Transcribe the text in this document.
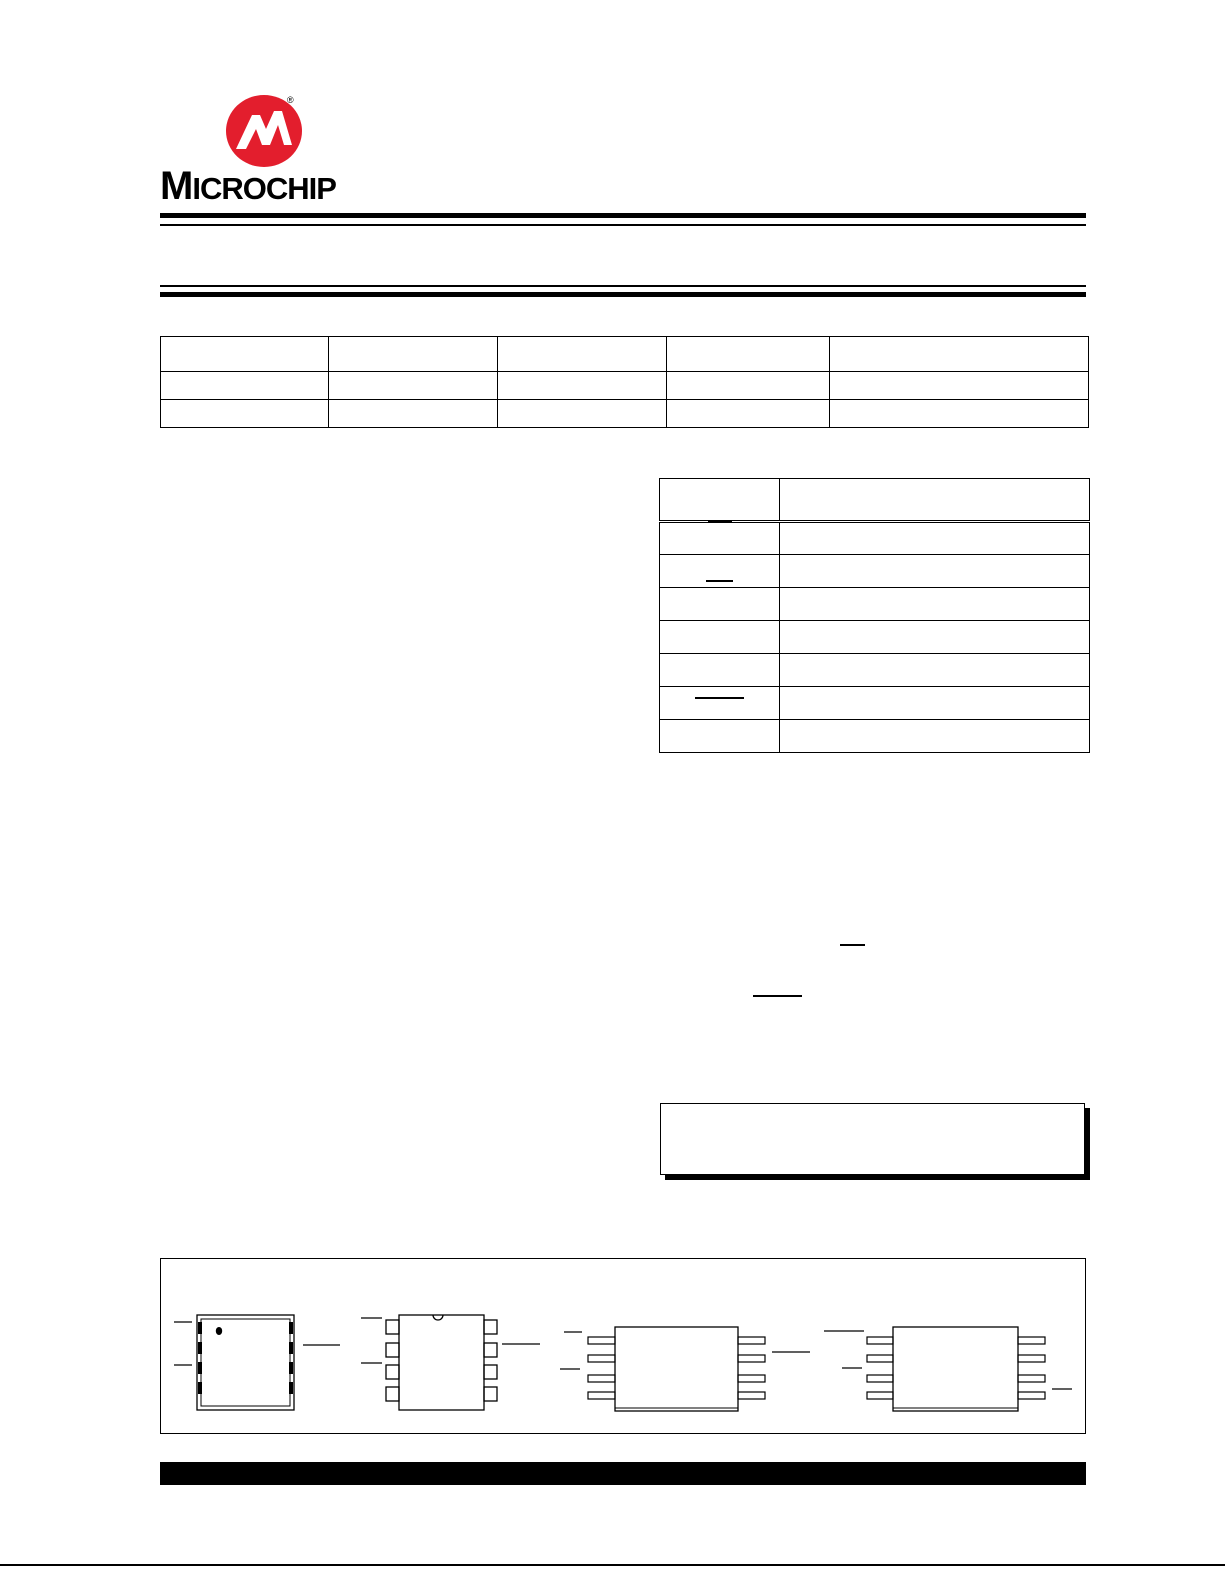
®
MICROCHIP
